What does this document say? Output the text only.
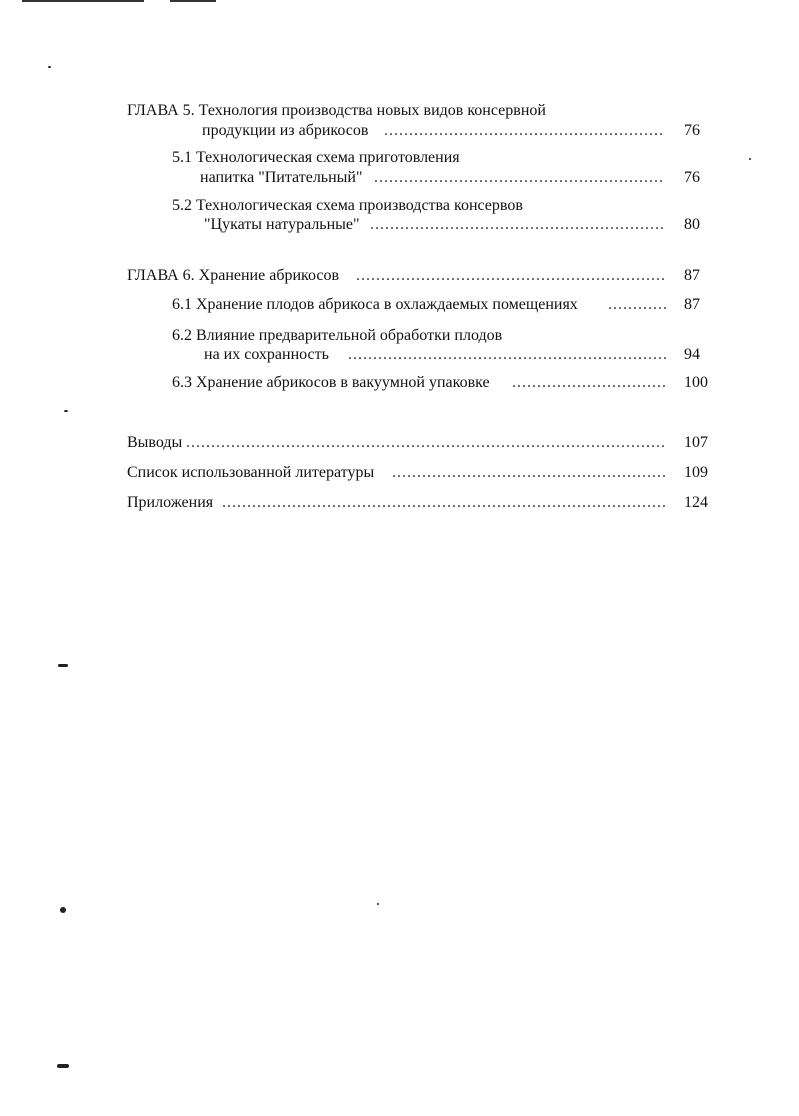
ГЛАВА 5. Технология производства новых видов консервной
продукции из абрикосов .....	76
5.1 Технологическая схема приготовления
напитка "Питательный" .....	76
5.2 Технологическая схема производства консервов
"Цукаты натуральные" .....	80
ГЛАВА 6. Хранение абрикосов .....	87
6.1 Хранение плодов абрикоса в охлаждаемых помещениях .....	87
6.2 Влияние предварительной обработки плодов
на их сохранность .....	94
6.3 Хранение абрикосов в вакуумной упаковке .....	100
Выводы .....	107
Список использованной литературы .....	109
Приложения .....	124
